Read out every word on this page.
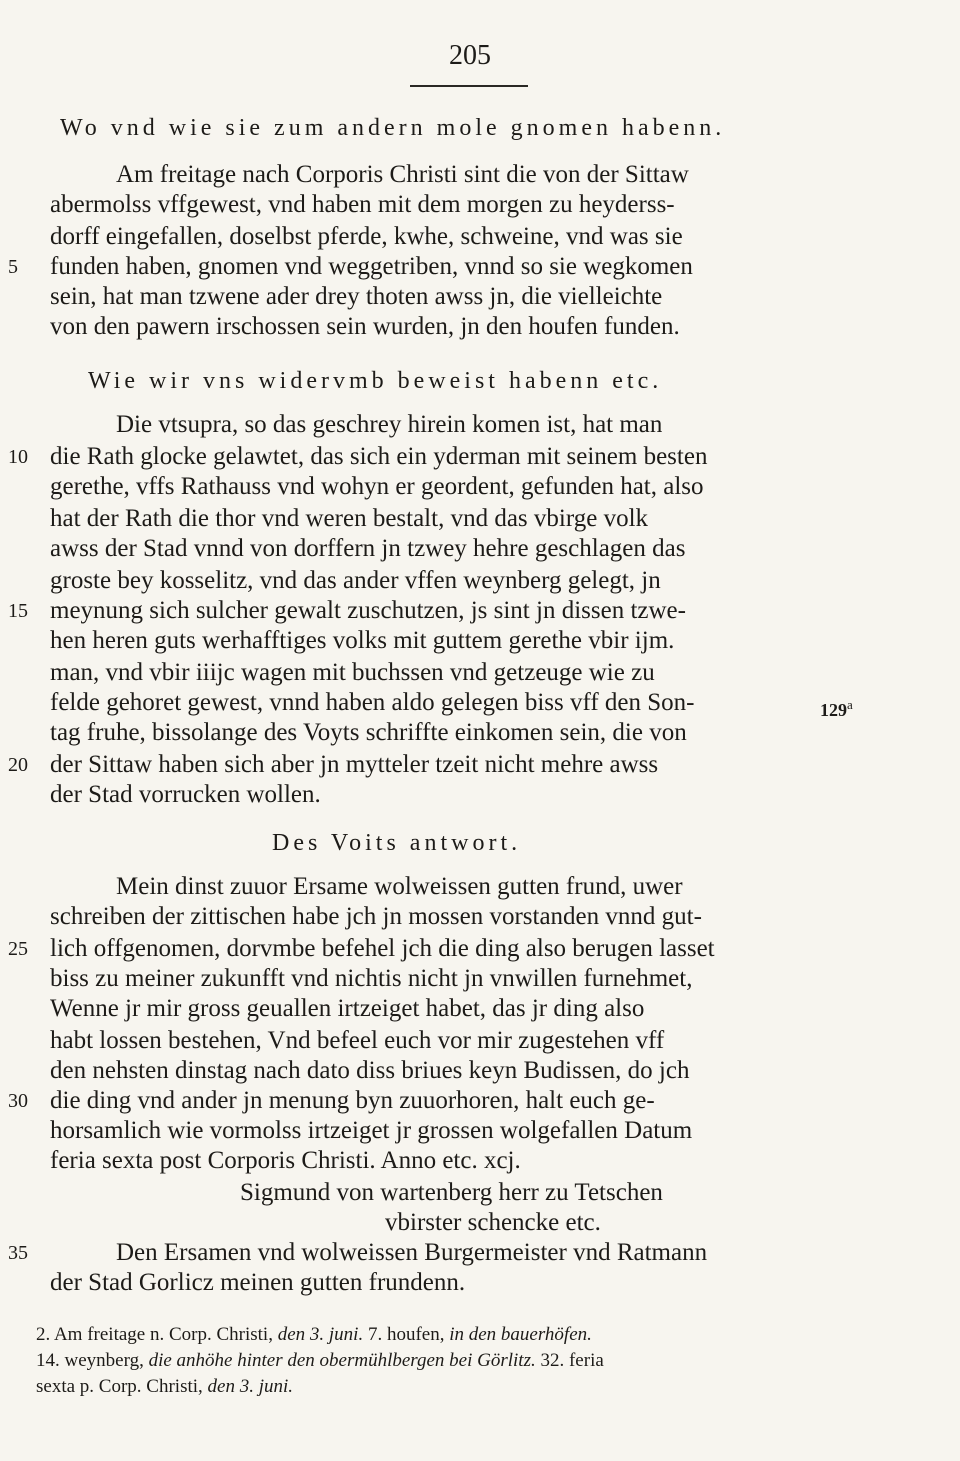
205
Wo vnd wie sie zum andern mole gnomen habenn.
Am freitage nach Corporis Christi sint die von der Sittaw
abermolss vffgewest, vnd haben mit dem morgen zu heyderss-
dorff eingefallen, doselbst pferde, kwhe, schweine, vnd was sie
5	funden haben, gnomen vnd weggetriben, vnnd so sie wegkomen
sein, hat man tzwene ader drey thoten awss jn, die vielleichte
von den pawern irschossen sein wurden, jn den houfen funden.
Wie wir vns widervmb beweist habenn etc.
Die vtsupra, so das geschrey hirein komen ist, hat man
10 die Rath glocke gelawtet, das sich ein yderman mit seinem besten
gerethe, vffs Rathauss vnd wohyn er geordent, gefunden hat, also
hat der Rath die thor vnd weren bestalt, vnd das vbirge volk
awss der Stad vnnd von dorffern jn tzwey hehre geschlagen das
groste bey kosselitz, vnd das ander vffen weynberg gelegt, jn
15 meynung sich sulcher gewalt zuschutzen, js sint jn dissen tzwe-
hen heren guts werhafftiges volks mit guttem gerethe vbir ijm.
man, vnd vbir iiijc wagen mit buchssen vnd getzeuge wie zu
felde gehoret gewest, vnnd haben aldo gelegen biss vff den Son-	129$^a$
tag fruhe, bissolange des Voyts schriffte einkomen sein, die von
20 der Sittaw haben sich aber jn mytteler tzeit nicht mehre awss
der Stad vorrucken wollen.
Des Voits antwort.
Mein dinst zuuor Ersame wolweissen gutten frund, uwer
schreiben der zittischen habe jch jn mossen vorstanden vnnd gut-
25 lich offgenomen, dorvmbe befehel jch die ding also berugen lasset
biss zu meiner zukunfft vnd nichtis nicht jn vnwillen furnehmet,
Wenne jr mir gross geuallen irtzeiget habet, das jr ding also
habt lossen bestehen, Vnd befeel euch vor mir zugestehen vff
den nehsten dinstag nach dato diss briues keyn Budissen, do jch
30 die ding vnd ander jn menung byn zuuorhoren, halt euch ge-
horsamlich wie vormolss irtzeiget jr grossen wolgefallen Datum
feria sexta post Corporis Christi. Anno etc. xcj.
Sigmund von wartenberg herr zu Tetschen
vbirster schencke etc.
35	Den Ersamen vnd wolweissen Burgermeister vnd Ratmann
der Stad Gorlicz meinen gutten frundenn.
2. Am freitage n. Corp. Christi, den 3. juni. 7. houfen, in den bauerhöfen.
14. weynberg, die anhöhe hinter den obermühlbergen bei Görlitz. 32. feria
sexta p. Corp. Christi, den 3. juni.
